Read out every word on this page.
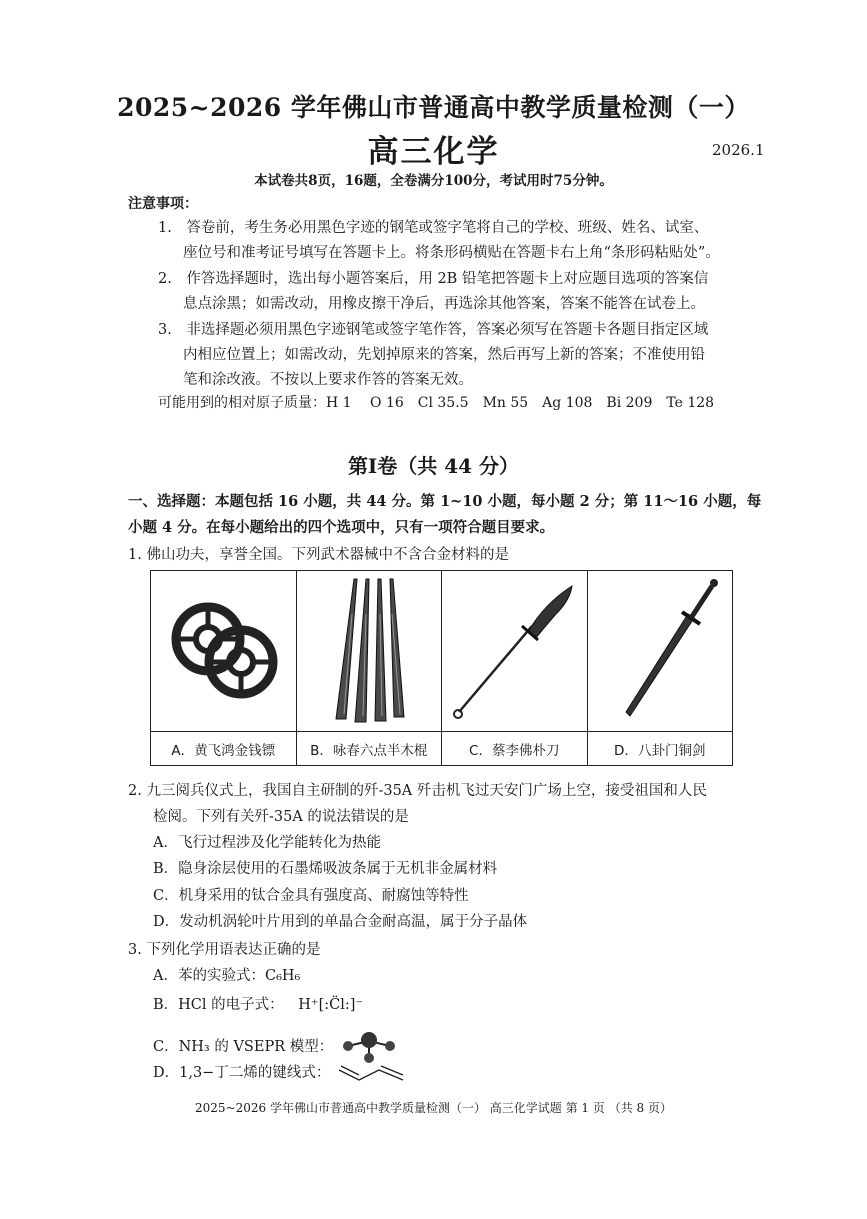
2025~2026 学年佛山市普通高中教学质量检测（一）
高三化学	2026.1
本试卷共8页，16题，全卷满分100分，考试用时75分钟。
注意事项：
1.　答卷前，考生务必用黑色字迹的钢笔或签字笔将自己的学校、班级、姓名、试室、
座位号和准考证号填写在答题卡上。将条形码横贴在答题卡右上角“条形码粘贴处”。
2.　作答选择题时，选出每小题答案后，用 2B 铅笔把答题卡上对应题目选项的答案信
息点涂黑；如需改动，用橡皮擦干净后，再选涂其他答案，答案不能答在试卷上。
3.　非选择题必须用黑色字迹钢笔或签字笔作答，答案必须写在答题卡各题目指定区域
内相应位置上；如需改动，先划掉原来的答案，然后再写上新的答案；不准使用铅
笔和涂改液。不按以上要求作答的答案无效。
可能用到的相对原子质量：H 1　 O 16　Cl 35.5　Mn 55　Ag 108　Bi 209　Te 128
第Ⅰ卷（共 44 分）
一、选择题：本题包括 16 小题，共 44 分。第 1~10 小题，每小题 2 分；第 11～16 小题，每
小题 4 分。在每小题给出的四个选项中，只有一项符合题目要求。
1. 佛山功夫，享誉全国。下列武术器械中不含合金材料的是

A．黄飞鸿金钱镖	B．咏春六点半木棍	C．蔡李佛朴刀	D．八卦门铜剑
2. 九三阅兵仪式上，我国自主研制的歼-35A 歼击机飞过天安门广场上空，接受祖国和人民
检阅。下列有关歼-35A 的说法错误的是
A．飞行过程涉及化学能转化为热能
B．隐身涂层使用的石墨烯吸波条属于无机非金属材料
C．机身采用的钛合金具有强度高、耐腐蚀等特性
D．发动机涡轮叶片用到的单晶合金耐高温，属于分子晶体
3. 下列化学用语表达正确的是
A．苯的实验式：C₆H₆
B．HCl 的电子式： H⁺[:C̈l:]⁻
C．NH₃ 的 VSEPR 模型：
D．1,3−丁二烯的键线式：
2025~2026 学年佛山市普通高中教学质量检测（一） 高三化学试题 第 1 页 （共 8 页）
